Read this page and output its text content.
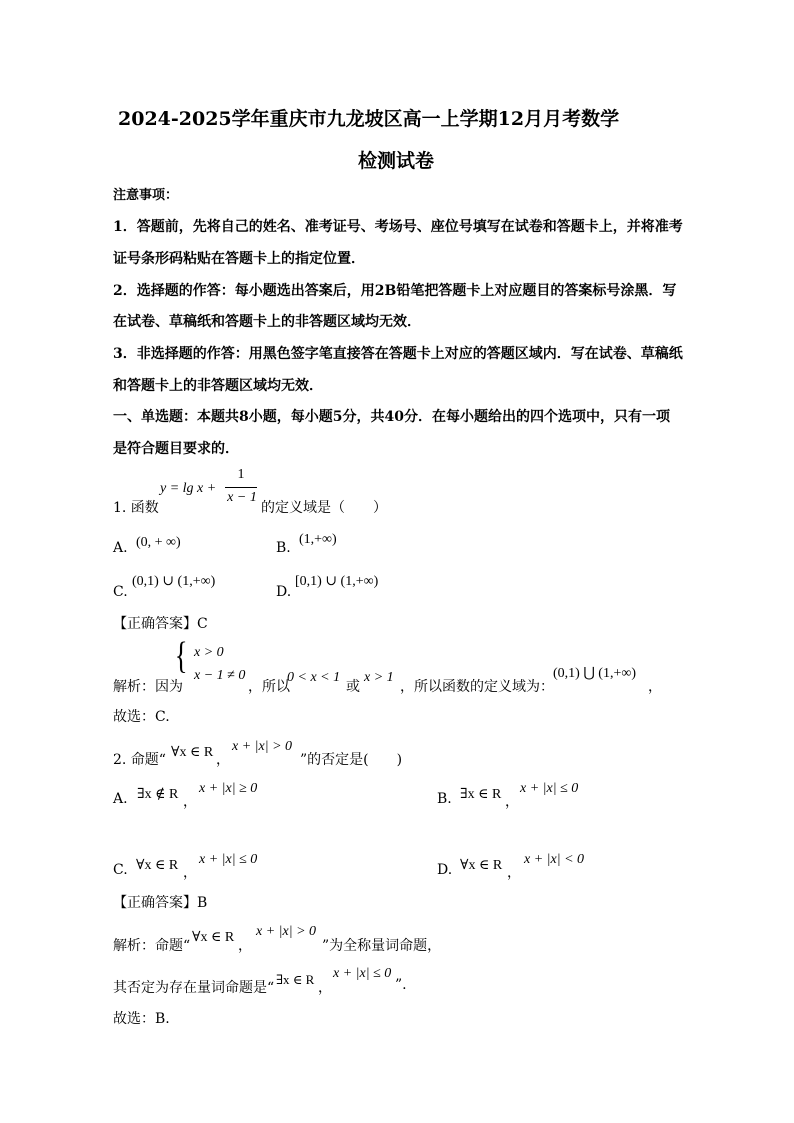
2024-2025学年重庆市九龙坡区高一上学期12月月考数学
检测试卷
注意事项：
1．答题前，先将自己的姓名、准考证号、考场号、座位号填写在试卷和答题卡上，并将准考
证号条形码粘贴在答题卡上的指定位置．
2．选择题的作答：每小题选出答案后，用2B铅笔把答题卡上对应题目的答案标号涂黑．写
在试卷、草稿纸和答题卡上的非答题区域均无效．
3．非选择题的作答：用黑色签字笔直接答在答题卡上对应的答题区域内．写在试卷、草稿纸
和答题卡上的非答题区域均无效．
一、单选题：本题共8小题，每小题5分，共40分．在每小题给出的四个选项中，只有一项
是符合题目要求的．
1. 函数
y = lg x +
1
x − 1
的定义域是（　　）
A. (0, + ∞)	B.
(1,+∞)
C.
(0,1) ∪ (1,+∞)
D.
[0,1) ∪ (1,+∞)
【正确答案】C
{ x > 0
x − 1 ≠ 0
解析：因为	，所以
0 < x < 1
或
x > 1
，所以函数的定义域为：
(0,1) ⋃ (1,+∞)
，
故选：C.
2. 命题“ ∀x ∈ R ，
x + |x| > 0
”的否定是(　　)
A. ∃x ∉ R ，
x + |x| ≥ 0
B. ∃x ∈ R ，
x + |x| ≤ 0
C. ∀x ∈ R ，
x + |x| ≤ 0
D. ∀x ∈ R ，
x + |x| < 0
【正确答案】B
解析：命题“
∀x ∈ R
，
x + |x| > 0
”为全称量词命题，
其否定为存在量词命题是“
∃x ∈ R
，
x + |x| ≤ 0
”.
故选：B.
